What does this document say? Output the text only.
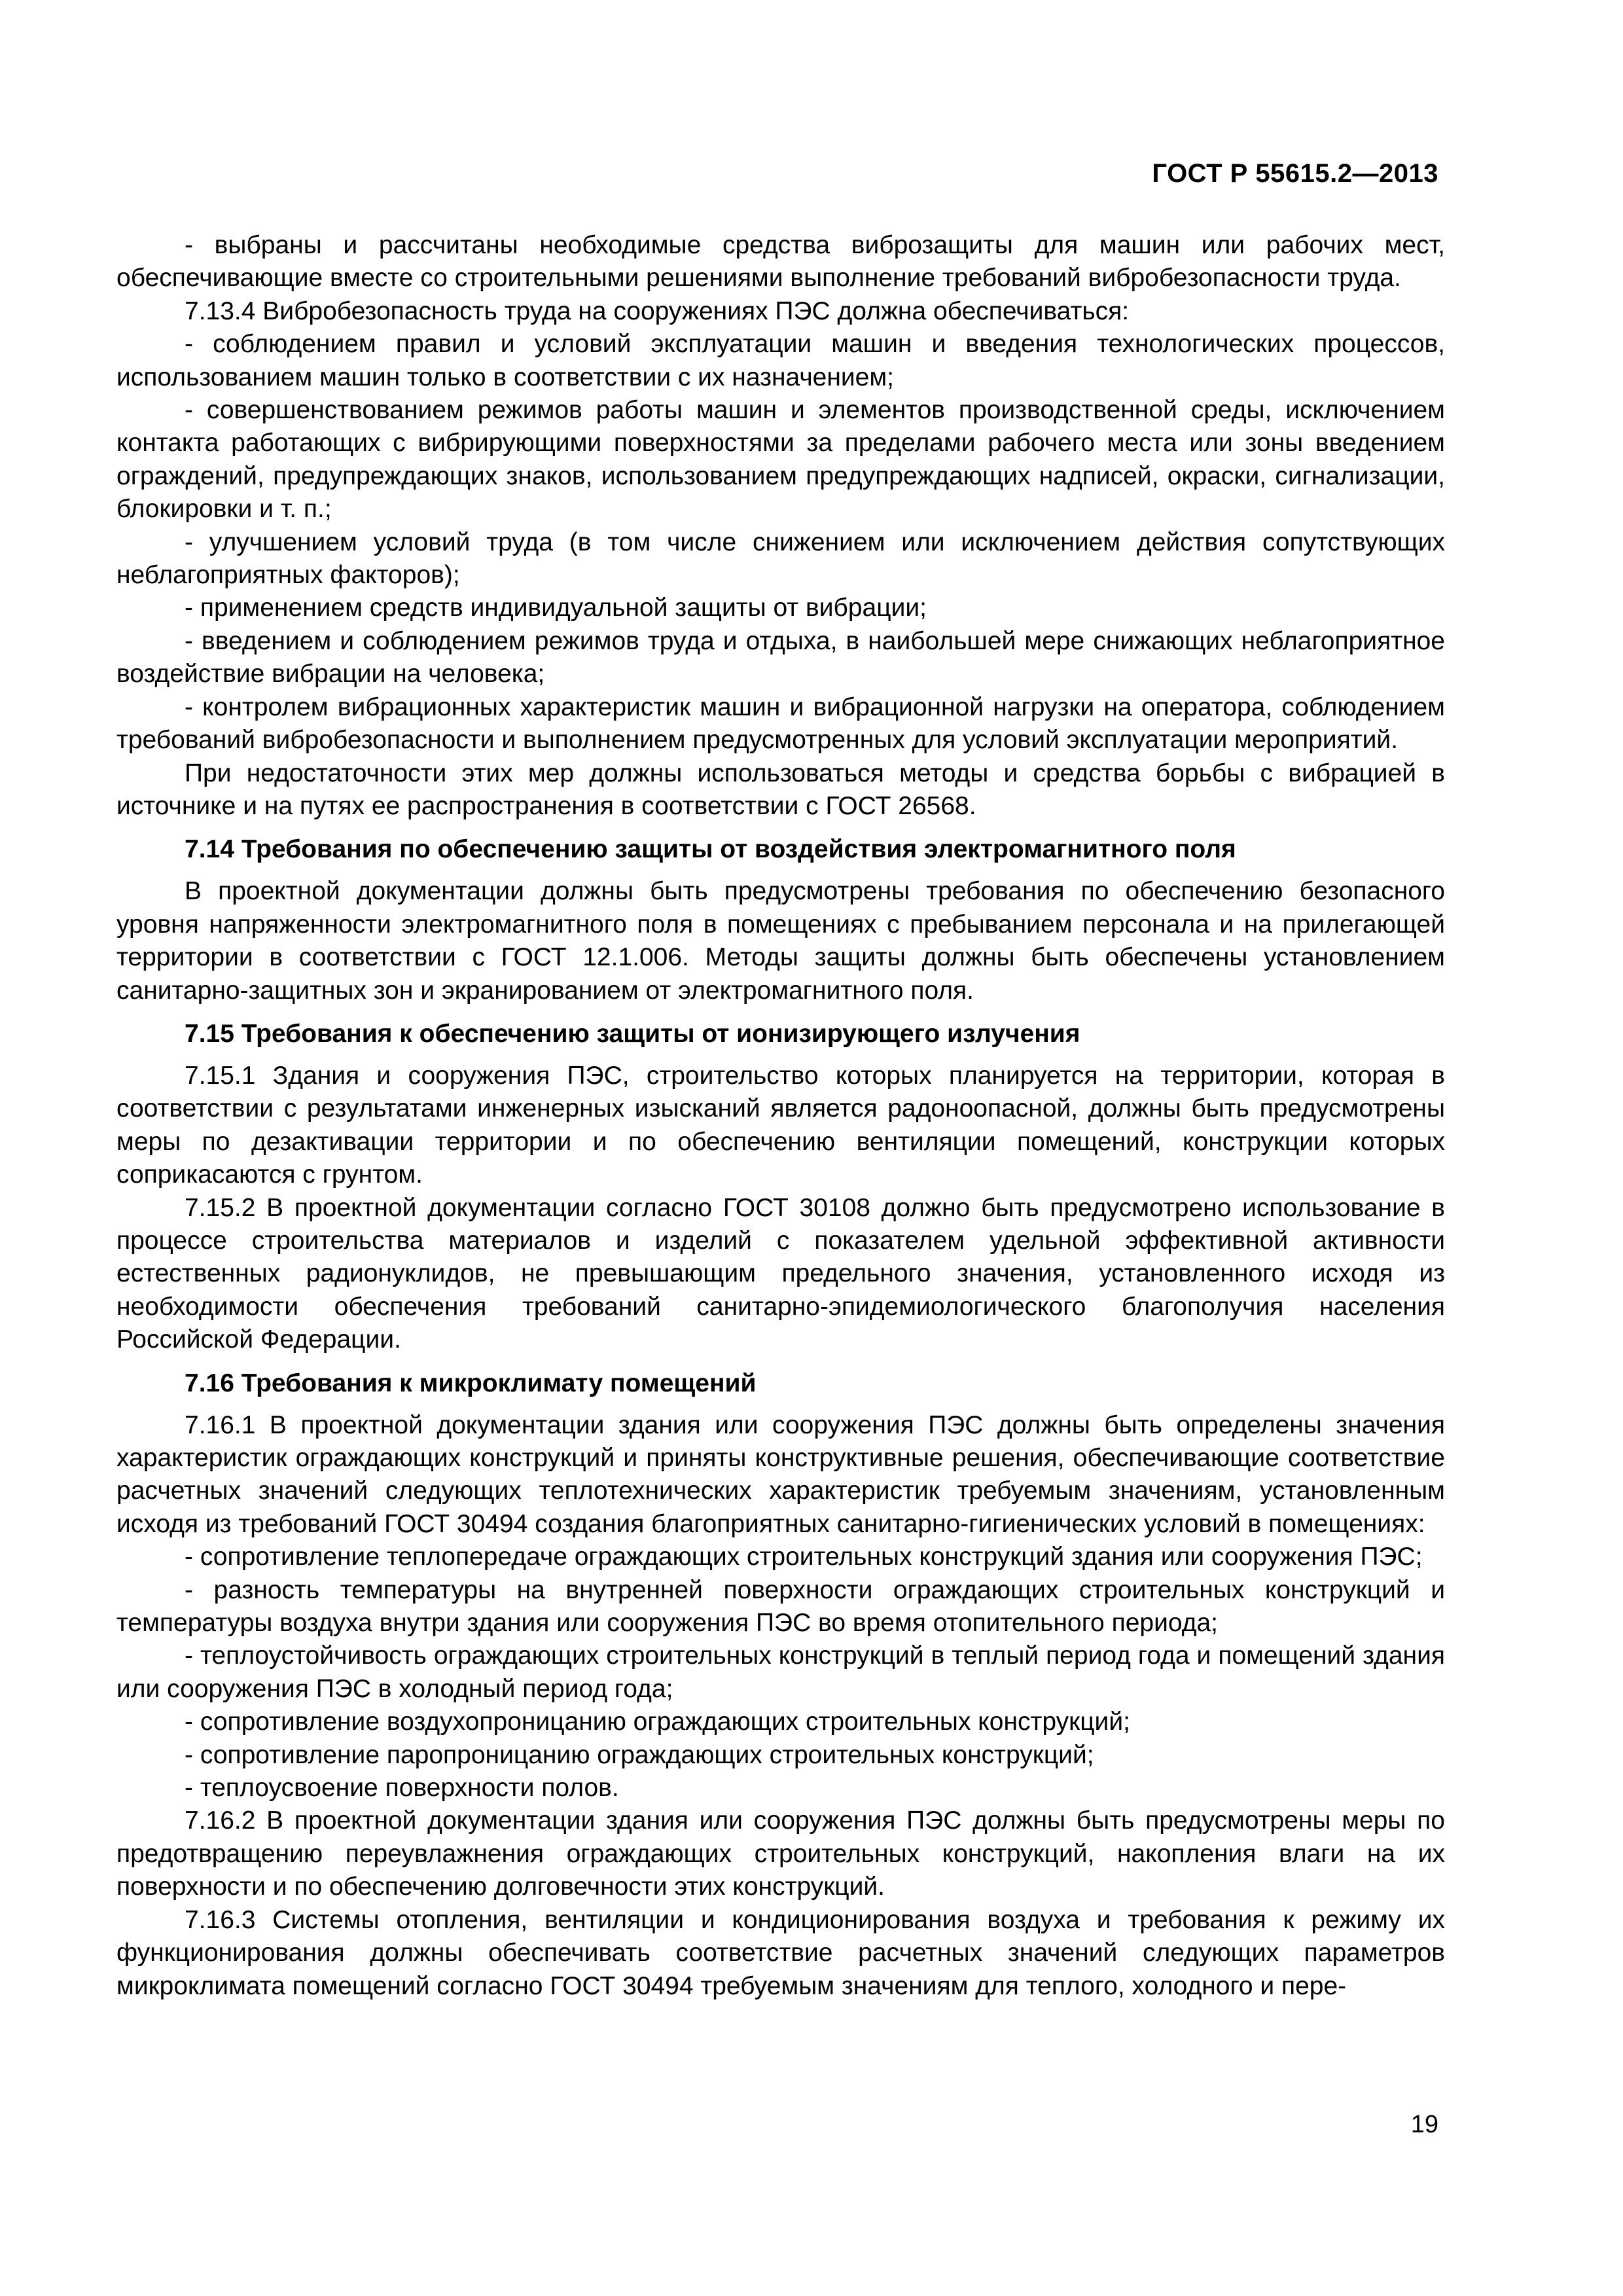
ГОСТ Р 55615.2—2013

- выбраны и рассчитаны необходимые средства виброзащиты для машин или рабочих мест, обеспечивающие вместе со строительными решениями выполнение требований вибробезопасности труда.

7.13.4 Вибробезопасность труда на сооружениях ПЭС должна обеспечиваться:

- соблюдением правил и условий эксплуатации машин и введения технологических процессов, использованием машин только в соответствии с их назначением;

- совершенствованием режимов работы машин и элементов производственной среды, исключением контакта работающих с вибрирующими поверхностями за пределами рабочего места или зоны введением ограждений, предупреждающих знаков, использованием предупреждающих надписей, окраски, сигнализации, блокировки и т. п.;

- улучшением условий труда (в том числе снижением или исключением действия сопутствующих неблагоприятных факторов);

- применением средств индивидуальной защиты от вибрации;

- введением и соблюдением режимов труда и отдыха, в наибольшей мере снижающих неблагоприятное воздействие вибрации на человека;

- контролем вибрационных характеристик машин и вибрационной нагрузки на оператора, соблюдением требований вибробезопасности и выполнением предусмотренных для условий эксплуатации мероприятий.

При недостаточности этих мер должны использоваться методы и средства борьбы с вибрацией в источнике и на путях ее распространения в соответствии с ГОСТ 26568.

7.14 Требования по обеспечению защиты от воздействия электромагнитного поля

В проектной документации должны быть предусмотрены требования по обеспечению безопасного уровня напряженности электромагнитного поля в помещениях с пребыванием персонала и на прилегающей территории в соответствии с ГОСТ 12.1.006. Методы защиты должны быть обеспечены установлением санитарно-защитных зон и экранированием от электромагнитного поля.

7.15 Требования к обеспечению защиты от ионизирующего излучения

7.15.1 Здания и сооружения ПЭС, строительство которых планируется на территории, которая в соответствии с результатами инженерных изысканий является радоноопасной, должны быть предусмотрены меры по дезактивации территории и по обеспечению вентиляции помещений, конструкции которых соприкасаются с грунтом.

7.15.2 В проектной документации согласно ГОСТ 30108 должно быть предусмотрено использование в процессе строительства материалов и изделий с показателем удельной эффективной активности естественных радионуклидов, не превышающим предельного значения, установленного исходя из необходимости обеспечения требований санитарно-эпидемиологического благополучия населения Российской Федерации.

7.16 Требования к микроклимату помещений

7.16.1 В проектной документации здания или сооружения ПЭС должны быть определены значения характеристик ограждающих конструкций и приняты конструктивные решения, обеспечивающие соответствие расчетных значений следующих теплотехнических характеристик требуемым значениям, установленным исходя из требований ГОСТ 30494 создания благоприятных санитарно-гигиенических условий в помещениях:

- сопротивление теплопередаче ограждающих строительных конструкций здания или сооружения ПЭС;

- разность температуры на внутренней поверхности ограждающих строительных конструкций и температуры воздуха внутри здания или сооружения ПЭС во время отопительного периода;

- теплоустойчивость ограждающих строительных конструкций в теплый период года и помещений здания или сооружения ПЭС в холодный период года;

- сопротивление воздухопроницанию ограждающих строительных конструкций;

- сопротивление паропроницанию ограждающих строительных конструкций;

- теплоусвоение поверхности полов.

7.16.2 В проектной документации здания или сооружения ПЭС должны быть предусмотрены меры по предотвращению переувлажнения ограждающих строительных конструкций, накопления влаги на их поверхности и по обеспечению долговечности этих конструкций.

7.16.3 Системы отопления, вентиляции и кондиционирования воздуха и требования к режиму их функционирования должны обеспечивать соответствие расчетных значений следующих параметров микроклимата помещений согласно ГОСТ 30494 требуемым значениям для теплого, холодного и пере-

19
